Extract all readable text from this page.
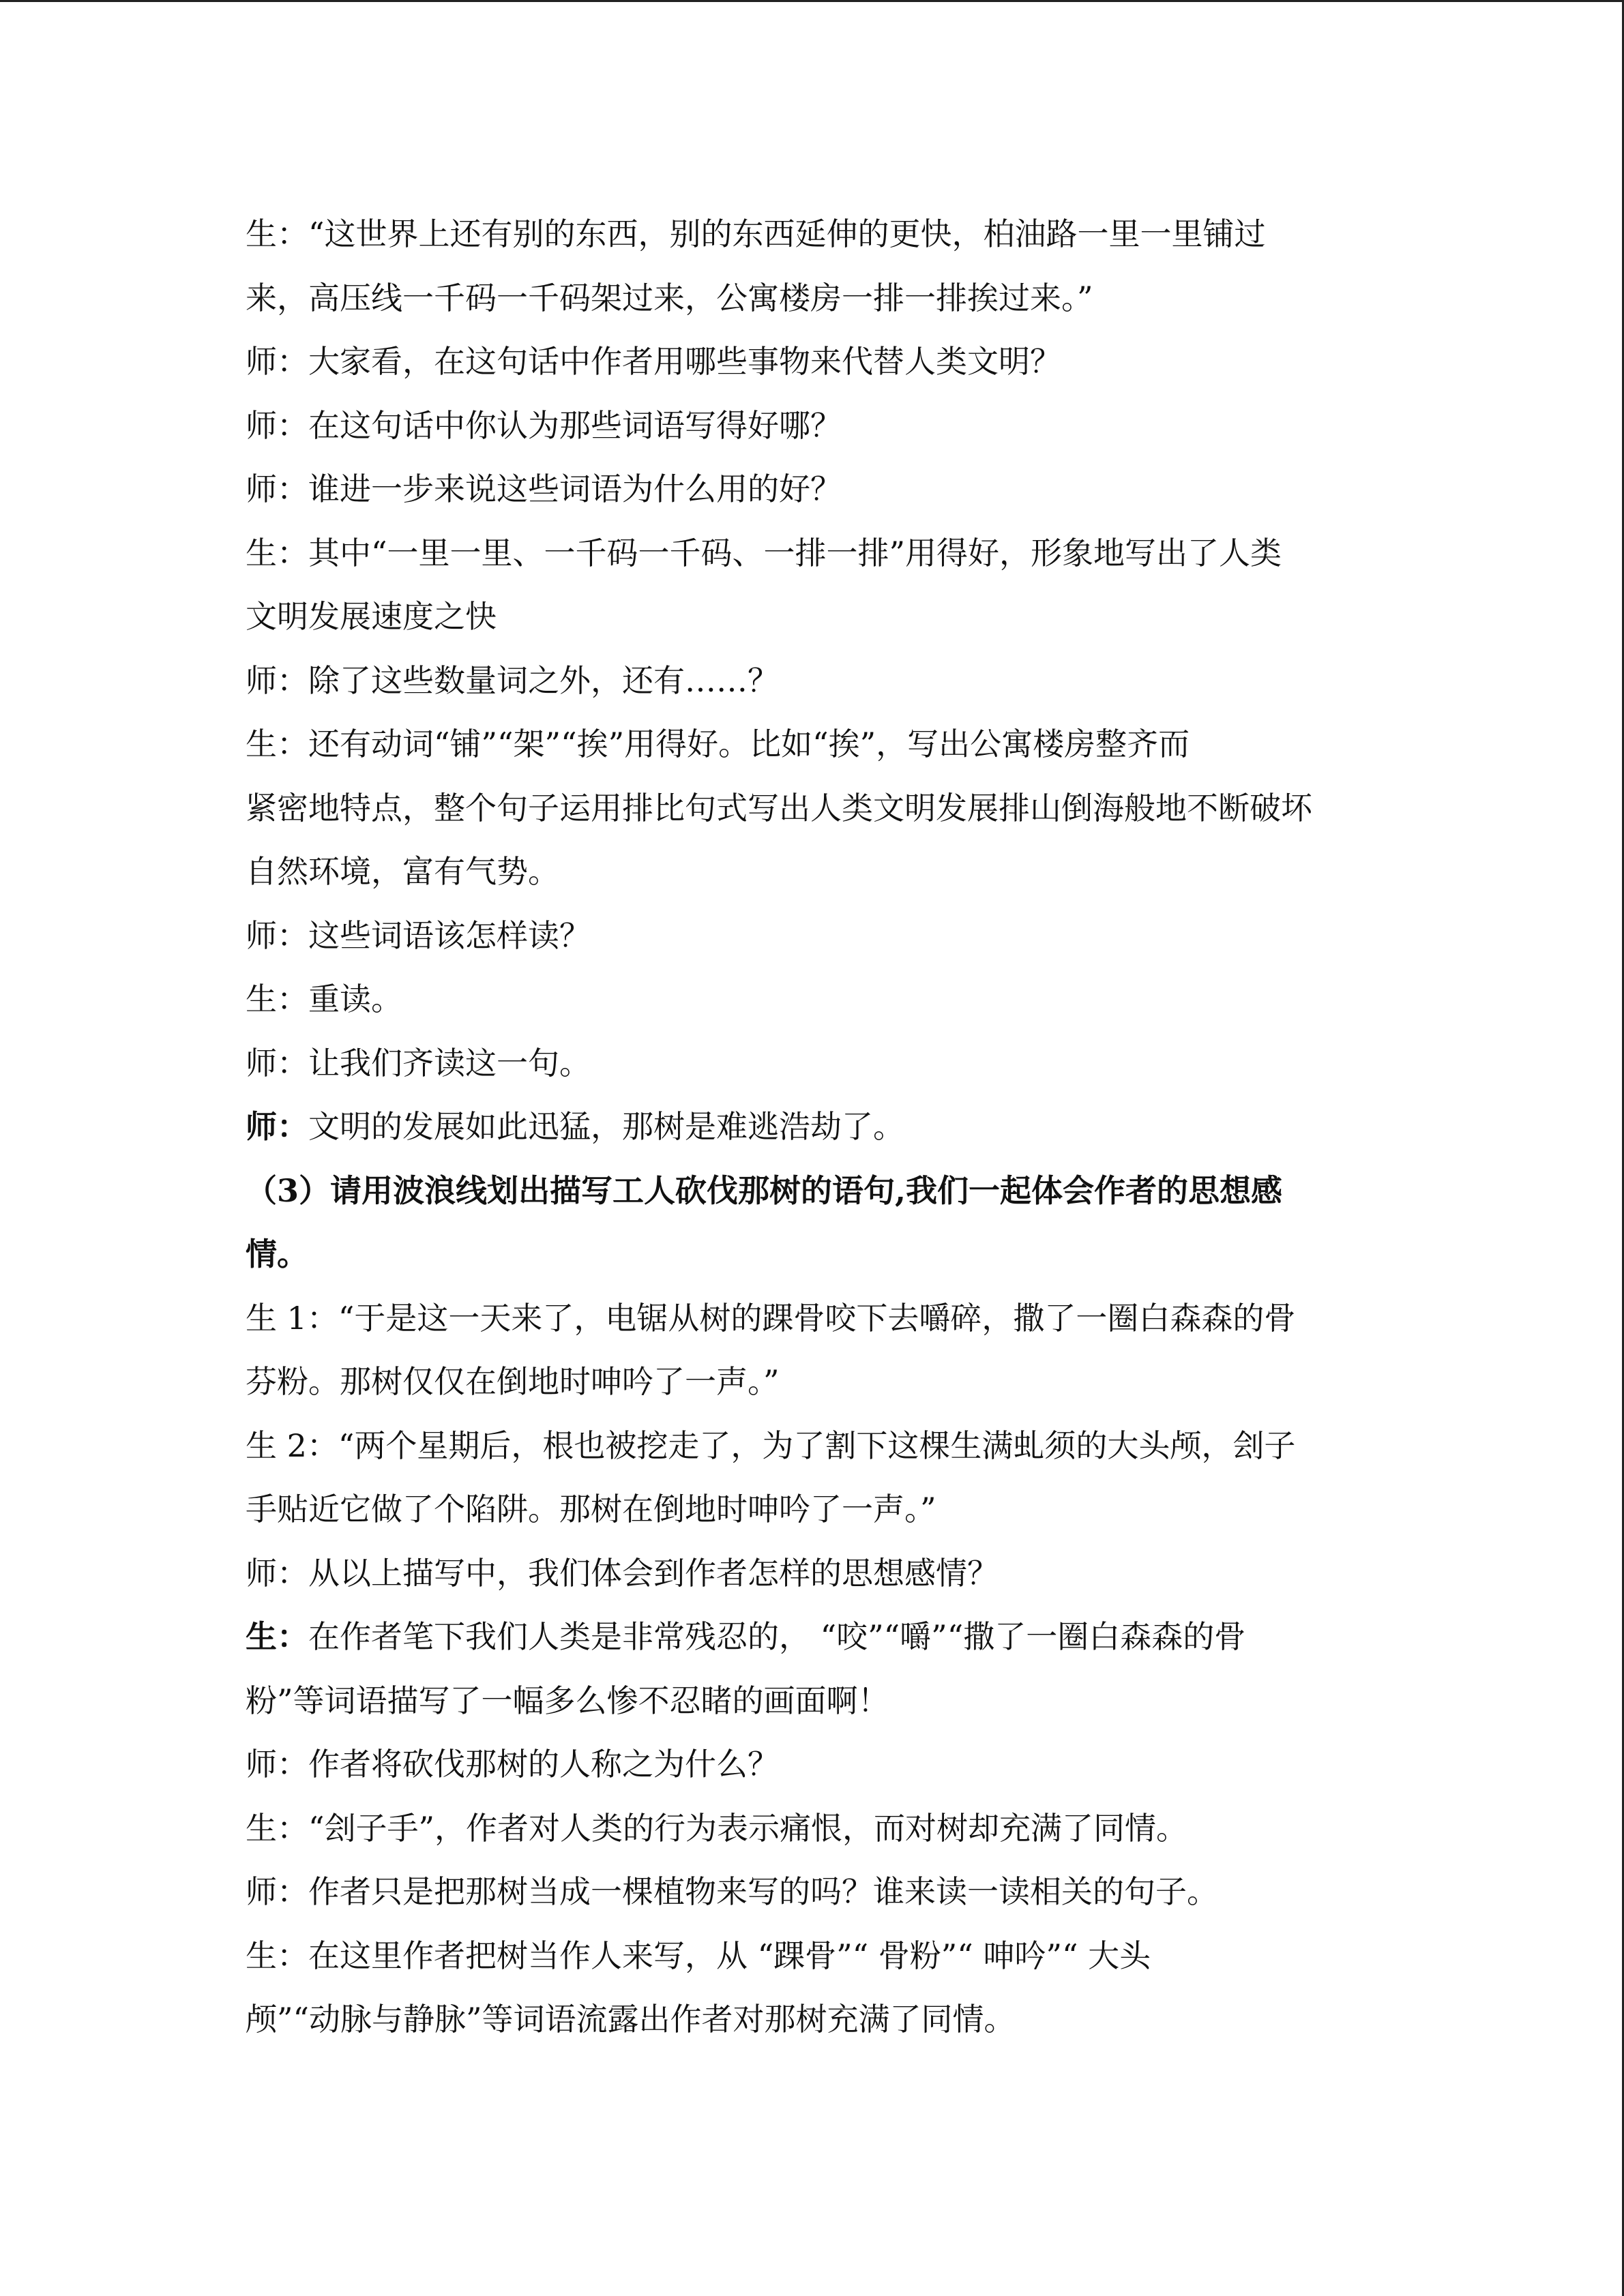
生：“这世界上还有别的东西，别的东西延伸的更快，柏油路一里一里铺过
来，高压线一千码一千码架过来，公寓楼房一排一排挨过来。”
师：大家看，在这句话中作者用哪些事物来代替人类文明？
师：在这句话中你认为那些词语写得好哪？
师：谁进一步来说这些词语为什么用的好？
生：其中“一里一里、一千码一千码、一排一排”用得好，形象地写出了人类
文明发展速度之快
师：除了这些数量词之外，还有……？
生：还有动词“铺”“架”“挨”用得好。比如“挨”，写出公寓楼房整齐而
紧密地特点，整个句子运用排比句式写出人类文明发展排山倒海般地不断破坏
自然环境，富有气势。
师：这些词语该怎样读？
生：重读。
师：让我们齐读这一句。
师：文明的发展如此迅猛，那树是难逃浩劫了。
（3）请用波浪线划出描写工人砍伐那树的语句,我们一起体会作者的思想感
情。
生 1：“于是这一天来了，电锯从树的踝骨咬下去嚼碎，撒了一圈白森森的骨
芬粉。那树仅仅在倒地时呻吟了一声。”
生 2：“两个星期后，根也被挖走了，为了割下这棵生满虬须的大头颅，刽子
手贴近它做了个陷阱。那树在倒地时呻吟了一声。”
师：从以上描写中，我们体会到作者怎样的思想感情？
生：在作者笔下我们人类是非常残忍的， “咬”“嚼”“撒了一圈白森森的骨
粉”等词语描写了一幅多么惨不忍睹的画面啊！
师：作者将砍伐那树的人称之为什么？
生：“刽子手”，作者对人类的行为表示痛恨，而对树却充满了同情。
师：作者只是把那树当成一棵植物来写的吗？谁来读一读相关的句子。
生：在这里作者把树当作人来写，从 “踝骨”“ 骨粉”“ 呻吟”“ 大头
颅”“动脉与静脉”等词语流露出作者对那树充满了同情。
